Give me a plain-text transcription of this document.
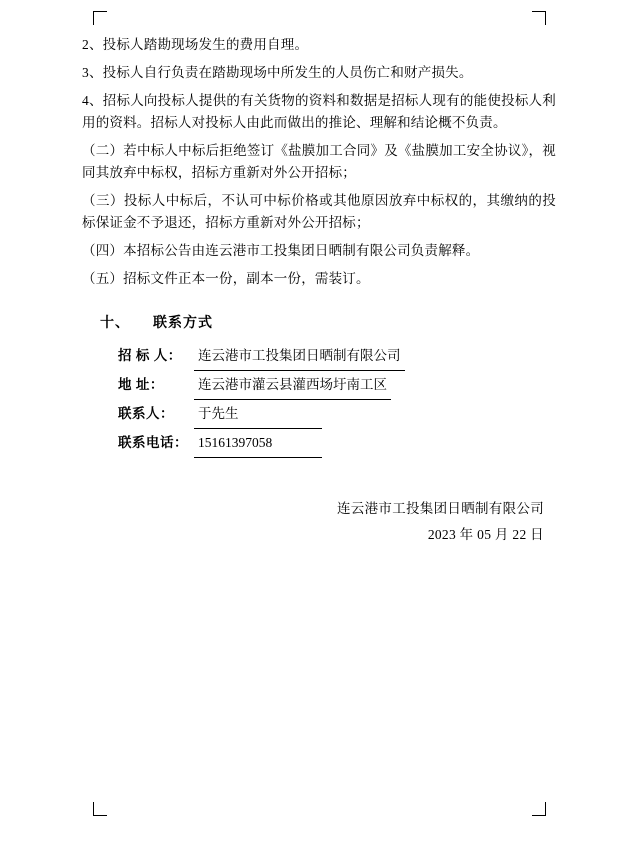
2、投标人踏勘现场发生的费用自理。

3、投标人自行负责在踏勘现场中所发生的人员伤亡和财产损失。

4、招标人向投标人提供的有关货物的资料和数据是招标人现有的能使投标人利用的资料。招标人对投标人由此而做出的推论、理解和结论概不负责。

（二）若中标人中标后拒绝签订《盐膜加工合同》及《盐膜加工安全协议》，视同其放弃中标权，招标方重新对外公开招标；

（三）投标人中标后，不认可中标价格或其他原因放弃中标权的，其缴纳的投标保证金不予退还，招标方重新对外公开招标；

（四）本招标公告由连云港市工投集团日晒制有限公司负责解释。

（五）招标文件正本一份，副本一份，需装订。

十、 联系方式
招 标 人：	连云港市工投集团日晒制有限公司
地 址：	连云港市灌云县灌西场圩南工区
联系人：	于先生
联系电话： 15161397058
连云港市工投集团日晒制有限公司
2023 年 05 月 22 日
